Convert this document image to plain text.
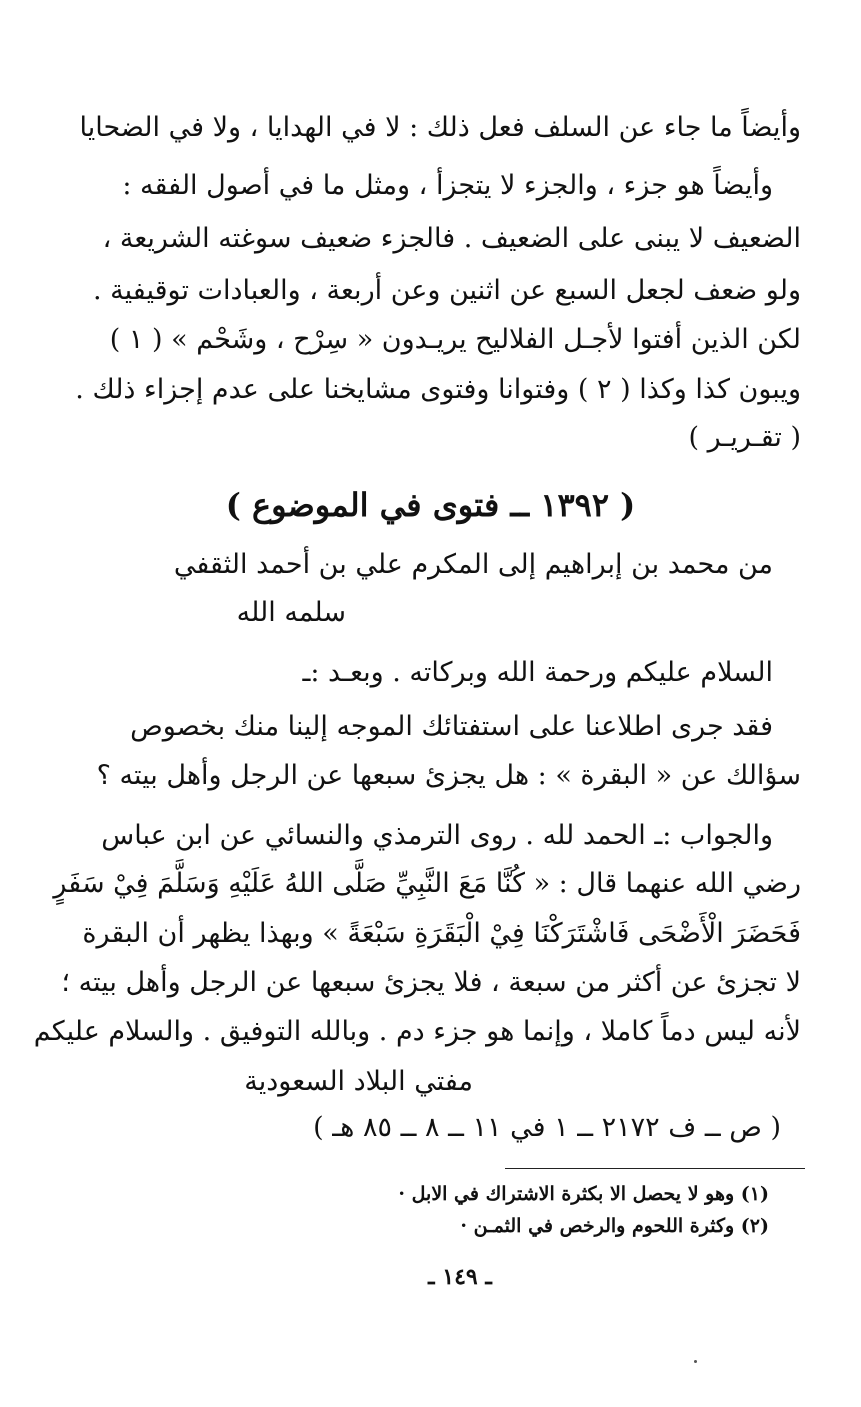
وأيضاً ما جاء عن السلف فعل ذلك : لا في الهدايا ، ولا في الضحايا
وأيضاً هو جزء ، والجزء لا يتجزأ ، ومثل ما في أصول الفقه :
الضعيف لا يبنى على الضعيف . فالجزء ضعيف سوغته الشريعة ،
ولو ضعف لجعل السبع عن اثنين وعن أربعة ، والعبادات توقيفية .
لكن الذين أفتوا لأجـل الفلاليح يريـدون « سِرْح ، وشَحْم » ( ١ )
ويبون كذا وكذا ( ٢ ) وفتوانا وفتوى مشايخنا على عدم إجزاء ذلك .
( تقـريـر )
( ١٣٩٢ ــ فتوى في الموضوع )
من محمد بن إبراهيم إلى المكرم علي بن أحمد الثقفي
سلمه الله
السلام عليكم ورحمة الله وبركاته . وبعـد :ـ
فقد جرى اطلاعنا على استفتائك الموجه إلينا منك بخصوص
سؤالك عن « البقرة » : هل يجزئ سبعها عن الرجل وأهل بيته ؟
والجواب :ـ الحمد لله . روى الترمذي والنسائي عن ابن عباس
رضي الله عنهما قال : « كُنَّا مَعَ النَّبِيِّ صَلَّى اللهُ عَلَيْهِ وَسَلَّمَ فِيْ سَفَرٍ
فَحَضَرَ الْأَضْحَى فَاشْتَرَكْنَا فِيْ الْبَقَرَةِ سَبْعَةً » وبهذا يظهر أن البقرة
لا تجزئ عن أكثر من سبعة ، فلا يجزئ سبعها عن الرجل وأهل بيته ؛
لأنه ليس دماً كاملا ، وإنما هو جزء دم . وبالله التوفيق . والسلام عليكم
مفتي البلاد السعودية
( ص ــ ف ٢١٧٢ ــ ١ في ١١ ــ ٨ ــ ٨٥ هـ )
(١) وهو لا يحصل الا بكثرة الاشتراك في الابل ·
(٢) وكثرة اللحوم والرخص في الثمـن ·
ـ ١٤٩ ـ
